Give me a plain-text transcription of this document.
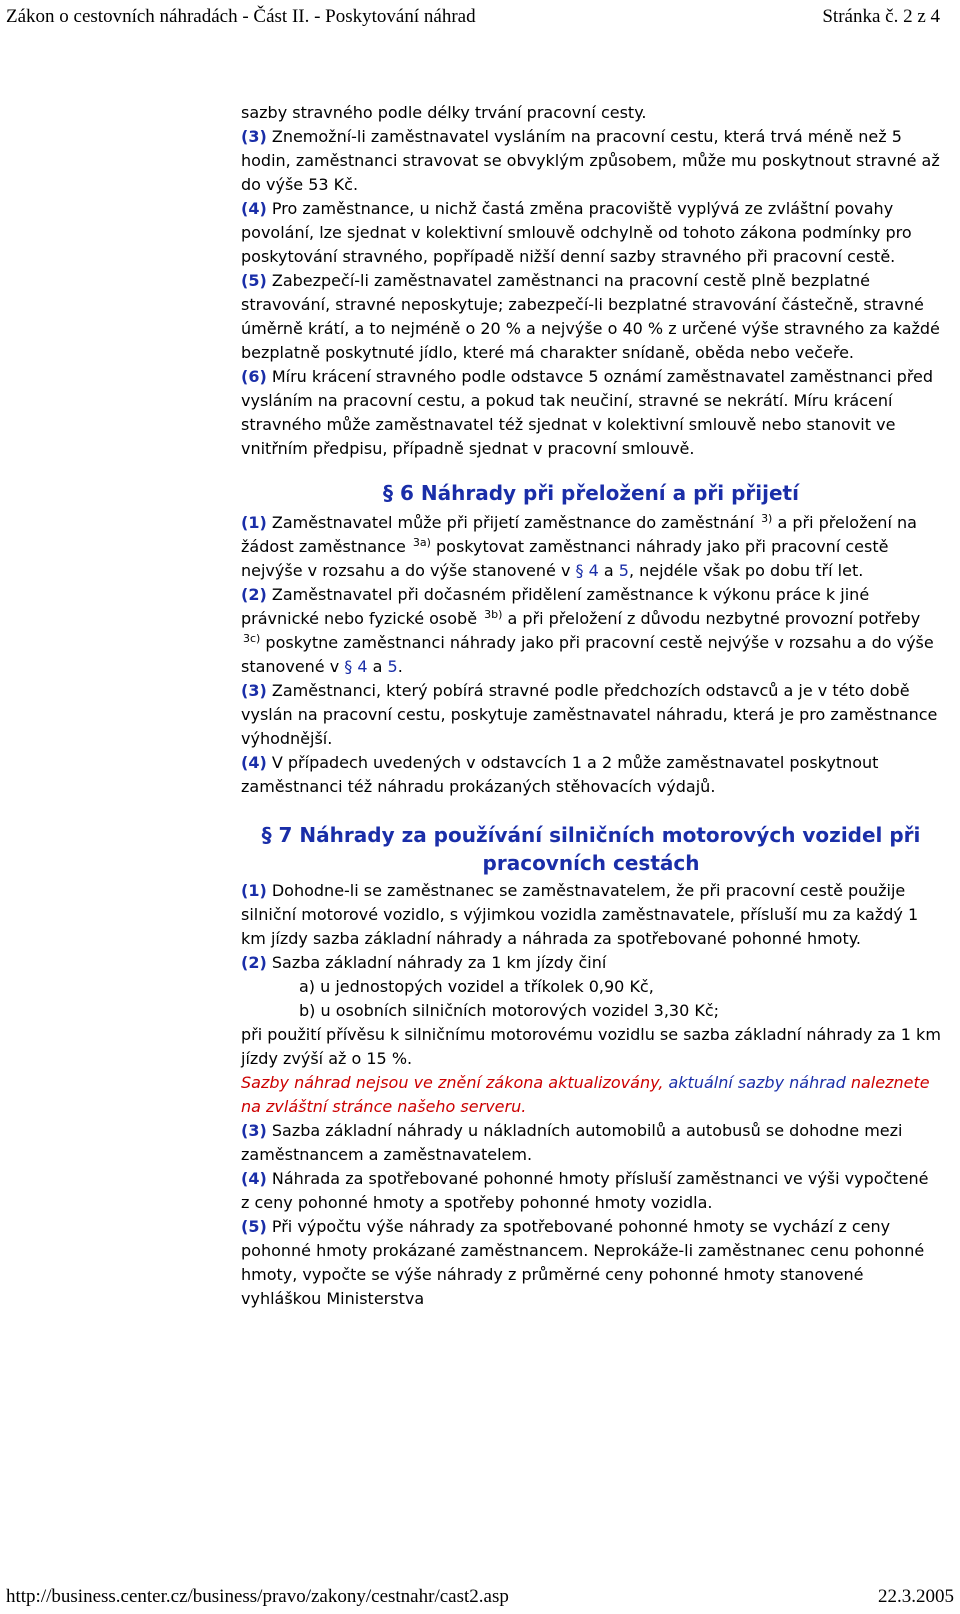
Zákon o cestovních náhradách - Část II. - Poskytování náhrad	Stránka č. 2 z 4

sazby stravného podle délky trvání pracovní cesty.

(3) Znemožní-li zaměstnavatel vysláním na pracovní cestu, která trvá méně než 5 hodin, zaměstnanci stravovat se obvyklým způsobem, může mu poskytnout stravné až do výše 53 Kč.

(4) Pro zaměstnance, u nichž častá změna pracoviště vyplývá ze zvláštní povahy povolání, lze sjednat v kolektivní smlouvě odchylně od tohoto zákona podmínky pro poskytování stravného, popřípadě nižší denní sazby stravného při pracovní cestě.

(5) Zabezpečí-li zaměstnavatel zaměstnanci na pracovní cestě plně bezplatné stravování, stravné neposkytuje; zabezpečí-li bezplatné stravování částečně, stravné úměrně krátí, a to nejméně o 20 % a nejvýše o 40 % z určené výše stravného za každé bezplatně poskytnuté jídlo, které má charakter snídaně, oběda nebo večeře.

(6) Míru krácení stravného podle odstavce 5 oznámí zaměstnavatel zaměstnanci před vysláním na pracovní cestu, a pokud tak neučiní, stravné se nekrátí. Míru krácení stravného může zaměstnavatel též sjednat v kolektivní smlouvě nebo stanovit ve vnitřním předpisu, případně sjednat v pracovní smlouvě.

§ 6 Náhrady při přeložení a při přijetí

(1) Zaměstnavatel může při přijetí zaměstnance do zaměstnání $^{3)}$ a při přeložení na žádost zaměstnance $^{3a)}$ poskytovat zaměstnanci náhrady jako při pracovní cestě nejvýše v rozsahu a do výše stanovené v § 4 a 5, nejdéle však po dobu tří let.

(2) Zaměstnavatel při dočasném přidělení zaměstnance k výkonu práce k jiné právnické nebo fyzické osobě $^{3b)}$ a při přeložení z důvodu nezbytné provozní potřeby $^{3c)}$ poskytne zaměstnanci náhrady jako při pracovní cestě nejvýše v rozsahu a do výše stanovené v § 4 a 5.

(3) Zaměstnanci, který pobírá stravné podle předchozích odstavců a je v této době vyslán na pracovní cestu, poskytuje zaměstnavatel náhradu, která je pro zaměstnance výhodnější.

(4) V případech uvedených v odstavcích 1 a 2 může zaměstnavatel poskytnout zaměstnanci též náhradu prokázaných stěhovacích výdajů.

§ 7 Náhrady za používání silničních motorových vozidel při pracovních cestách

(1) Dohodne-li se zaměstnanec se zaměstnavatelem, že při pracovní cestě použije silniční motorové vozidlo, s výjimkou vozidla zaměstnavatele, přísluší mu za každý 1 km jízdy sazba základní náhrady a náhrada za spotřebované pohonné hmoty.

(2) Sazba základní náhrady za 1 km jízdy činí

a) u jednostopých vozidel a tříkolek 0,90 Kč,

b) u osobních silničních motorových vozidel 3,30 Kč;

při použití přívěsu k silničnímu motorovému vozidlu se sazba základní náhrady za 1 km jízdy zvýší až o 15 %.

Sazby náhrad nejsou ve znění zákona aktualizovány, aktuální sazby náhrad naleznete na zvláštní stránce našeho serveru.

(3) Sazba základní náhrady u nákladních automobilů a autobusů se dohodne mezi zaměstnancem a zaměstnavatelem.

(4) Náhrada za spotřebované pohonné hmoty přísluší zaměstnanci ve výši vypočtené z ceny pohonné hmoty a spotřeby pohonné hmoty vozidla.

(5) Při výpočtu výše náhrady za spotřebované pohonné hmoty se vychází z ceny pohonné hmoty prokázané zaměstnancem. Neprokáže-li zaměstnanec cenu pohonné hmoty, vypočte se výše náhrady z průměrné ceny pohonné hmoty stanovené vyhláškou Ministerstva

http://business.center.cz/business/pravo/zakony/cestnahr/cast2.asp	22.3.2005
